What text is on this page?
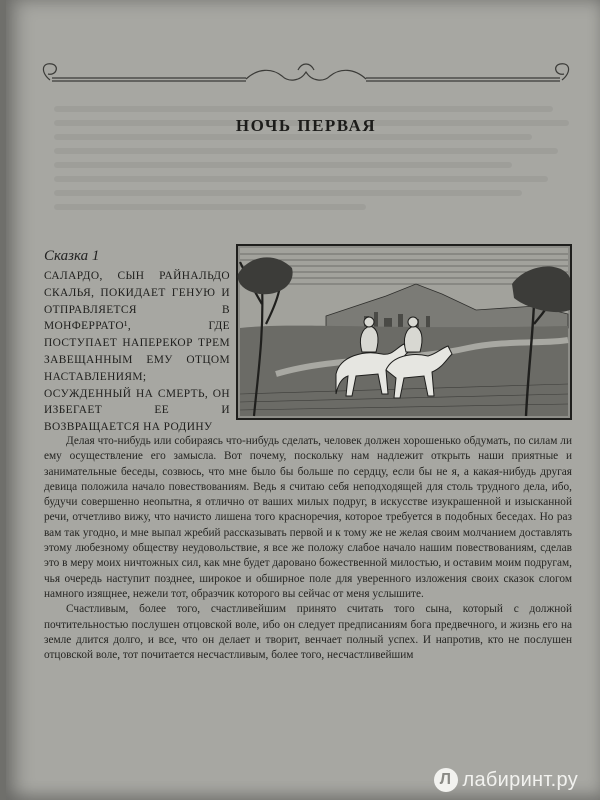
НОЧЬ ПЕРВАЯ
Сказка 1
САЛАРДО, СЫН РАЙНАЛЬДО СКАЛЬЯ, ПОКИДАЕТ ГЕНУЮ И ОТПРАВЛЯЕТСЯ В МОНФЕРРАТО¹, ГДЕ ПОСТУПАЕТ НАПЕРЕКОР ТРЕМ ЗАВЕЩАННЫМ ЕМУ ОТЦОМ НАСТАВЛЕНИЯМ; ОСУЖДЕННЫЙ НА СМЕРТЬ, ОН ИЗБЕГАЕТ ЕЕ И ВОЗВРАЩАЕТСЯ НА РОДИНУ

Делая что-нибудь или собираясь что-нибудь сделать, человек должен хорошенько обдумать, по силам ли ему осуществление его замысла. Вот почему, поскольку нам надлежит открыть наши приятные и занимательные беседы, созвюсь, что мне было бы больше по сердцу, если бы не я, а какая-нибудь другая девица положила начало повествованиям. Ведь я считаю себя неподходящей для столь трудного дела, ибо, будучи совершенно неопытна, я отлично от ваших милых подруг, в искусстве изукрашенной и изысканной речи, отчетливо вижу, что начисто лишена того красноречия, которое требуется в подобных беседах. Но раз вам так угодно, и мне выпал жребий рассказывать первой и к тому же не желая своим молчанием доставлять этому любезному обществу неудовольствие, я все же положу слабое начало нашим повествованиям, сделав это в меру моих ничтожных сил, как мне будет даровано божественной милостью, и оставим моим подругам, чья очередь наступит позднее, широкое и обширное поле для уверенного изложения своих сказок слогом намного изящнее, нежели тот, образчик которого вы сейчас от меня услышите.

Счастливым, более того, счастливейшим принято считать того сына, который с должной почтительностью послушен отцовской воле, ибо он следует предписаниям бога предвечного, и жизнь его на земле длится долго, и все, что он делает и творит, венчает полный успех. И напротив, кто не послушен отцовской воле, тот почитается несчастливым, более того, несчастливейшим

Л лабиринт.ру
